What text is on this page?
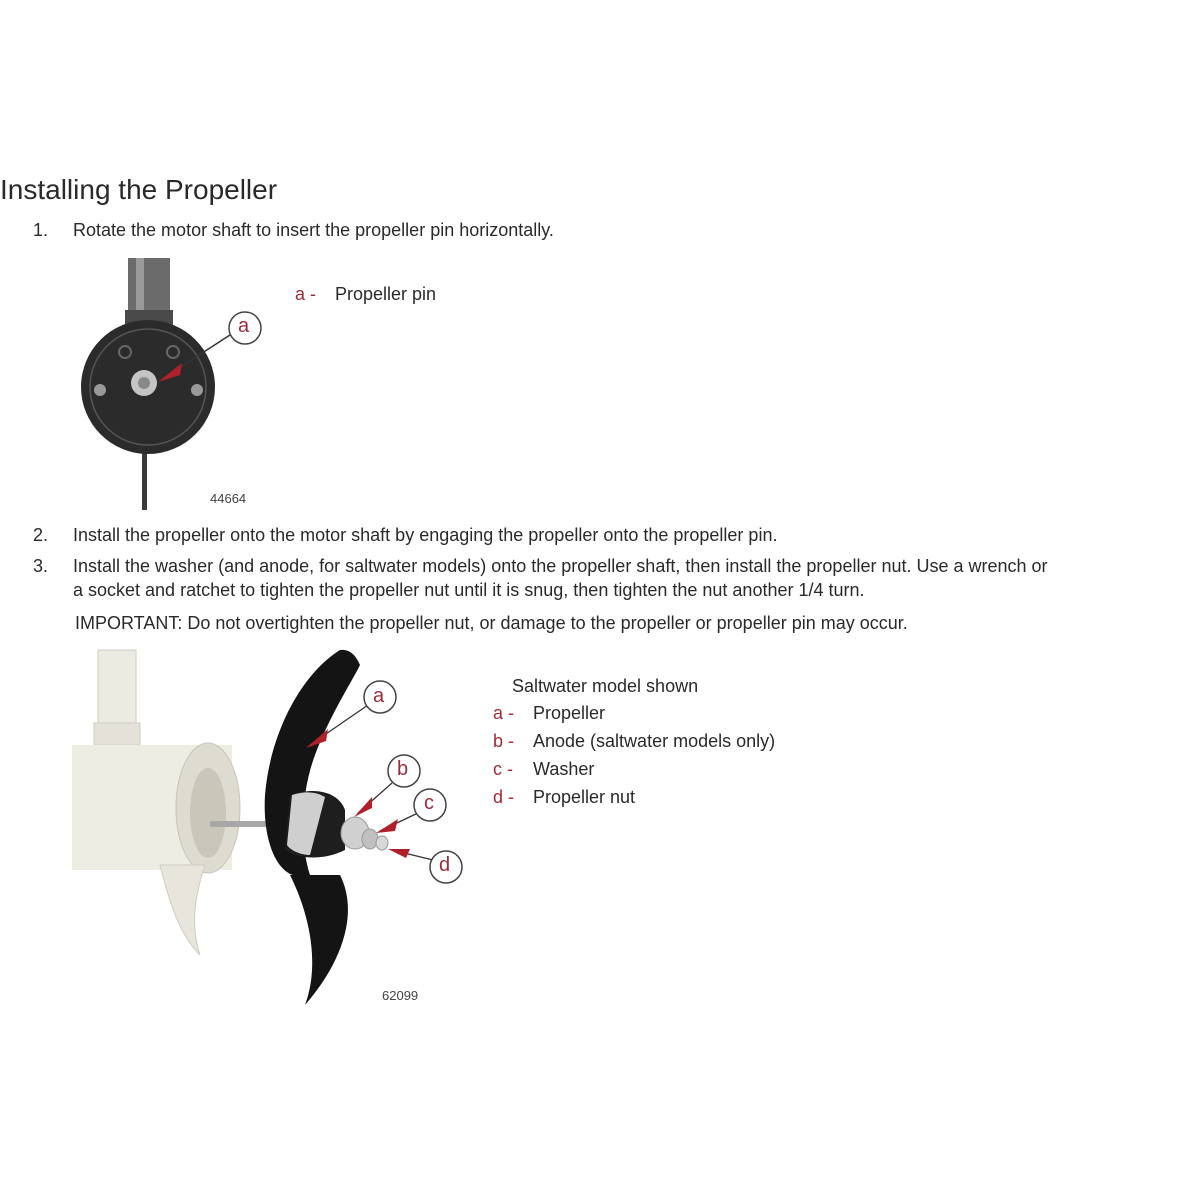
Installing the Propeller
1. Rotate the motor shaft to insert the propeller pin horizontally.
a
44664
a - Propeller pin
2. Install the propeller onto the motor shaft by engaging the propeller onto the propeller pin.
3. Install the washer (and anode, for saltwater models) onto the propeller shaft, then install the propeller nut. Use a wrench or
a socket and ratchet to tighten the propeller nut until it is snug, then tighten the nut another 1/4 turn.
IMPORTANT: Do not overtighten the propeller nut, or damage to the propeller or propeller pin may occur.
a
b
c
d
62099
Saltwater model shown
a - Propeller
b - Anode (saltwater models only)
c - Washer
d - Propeller nut
